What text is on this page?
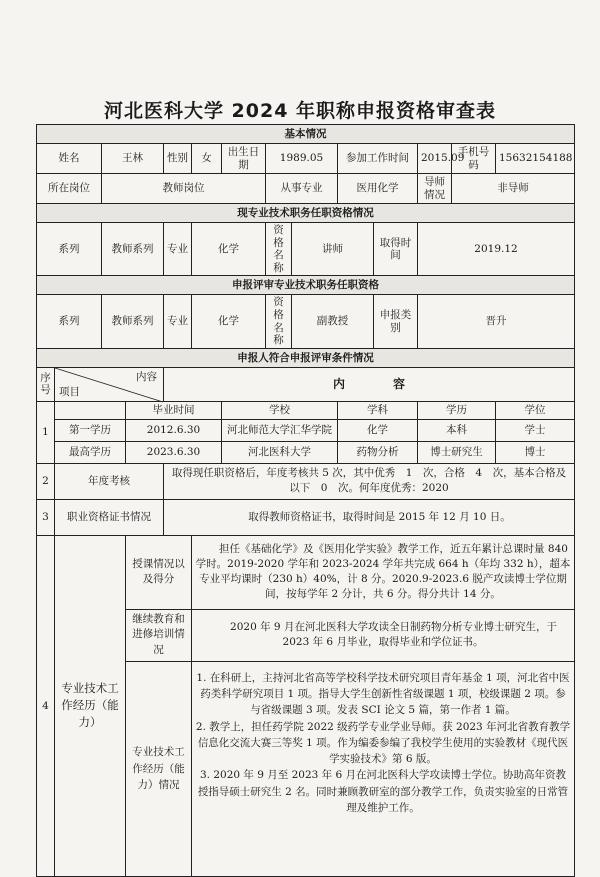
河北医科大学 2024 年职称申报资格审查表
基本情况													
姓名		王林		性别	女	出生日期	1989.05		参加工作时间		2015.09	手机号码	15632154188
所在岗位		教师岗位					从事专业		医用化学		导师情况	非导师	
现专业技术职务任职资格情况													
系列		教师系列		专业	化学		资格名称	讲师		取得时间	2019.12		
申报评审专业技术职务任职资格													
系列		教师系列		专业	化学		资格名称	副教授		申报类别	晋升		
申报人符合申报评审条件情况													
序号	内容
项目			内　　　　容									
1			毕业时间			学校			学科		学历		学位
	第一学历		2012.6.30			河北师范大学汇华学院			化学		本科		学士
	最高学历		2023.6.30			河北医科大学			药物分析		博士研究生		博士
2	年度考核			取得现任职资格后，年度考核共 5 次，其中优秀　1　次，合格　4　次，基本合格及以下　0　次。何年度优秀：2020									
3	职业资格证书情况			取得教师资格证书，取得时间是 2015 年 12 月 10 日。									
4	专业技术工作经历（能力）		授课情况以及得分		担任《基础化学》及《医用化学实验》教学工作，近五年累计总课时量 840 学时。2019-2020 学年和 2023-2024 学年共完成 664 h（年均 332 h），超本专业平均课时（230 h）40%，计 8 分。2020.9-2023.6 脱产攻读博士学位期间，按每学年 2 分计，共 6 分。得分共计 14 分。								
			继续教育和进修培训情况		2020 年 9 月在河北医科大学攻读全日制药物分析专业博士研究生，于 2023 年 6 月毕业，取得毕业和学位证书。								
			专业技术工作经历（能力）情况		1. 在科研上，主持河北省高等学校科学技术研究项目青年基金 1 项，河北省中医药类科学研究项目 1 项。指导大学生创新性省级课题 1 项，校级课题 2 项。参与省级课题 3 项。发表 SCI 论文 5 篇，第一作者 1 篇。
2. 教学上，担任药学院 2022 级药学专业学业导师。获 2023 年河北省教育教学信息化交流大赛三等奖 1 项。作为编委参编了我校学生使用的实验教材《现代医学实验技术》第 6 版。
3. 2020 年 9 月至 2023 年 6 月在河北医科大学攻读博士学位。协助高年资教授指导硕士研究生 2 名。同时兼顾教研室的部分教学工作，负责实验室的日常管理及维护工作。								
